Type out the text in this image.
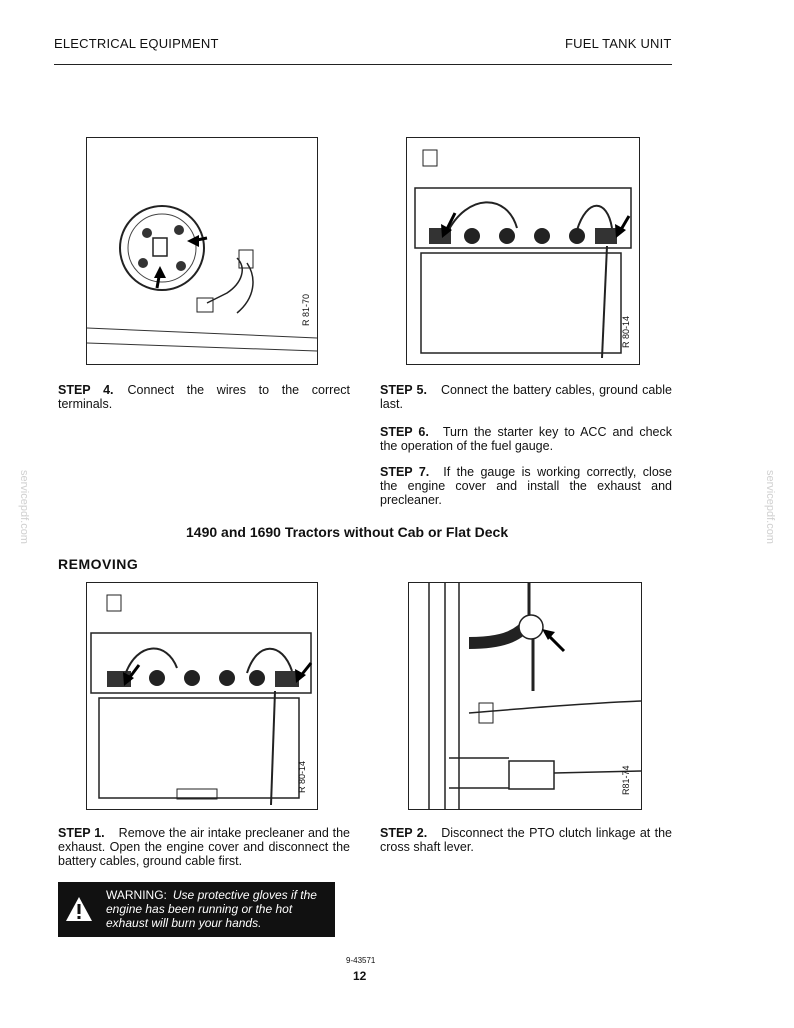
ELECTRICAL EQUIPMENT	FUEL TANK UNIT
servicepdf.com	servicepdf.com
R 81-70
R 80-14
STEP 4. Connect the wires to the correct terminals.
STEP 5. Connect the battery cables, ground cable last.
STEP 6. Turn the starter key to ACC and check the operation of the fuel gauge.
STEP 7. If the gauge is working correctly, close the engine cover and install the exhaust and precleaner.
1490 and 1690 Tractors without Cab or Flat Deck
REMOVING
R 80-14	R81-74
STEP 1. Remove the air intake precleaner and the exhaust. Open the engine cover and disconnect the battery cables, ground cable first.
STEP 2. Disconnect the PTO clutch linkage at the cross shaft lever.
WARNING: Use protective gloves if the engine has been running or the hot exhaust will burn your hands.
9-43571
12
